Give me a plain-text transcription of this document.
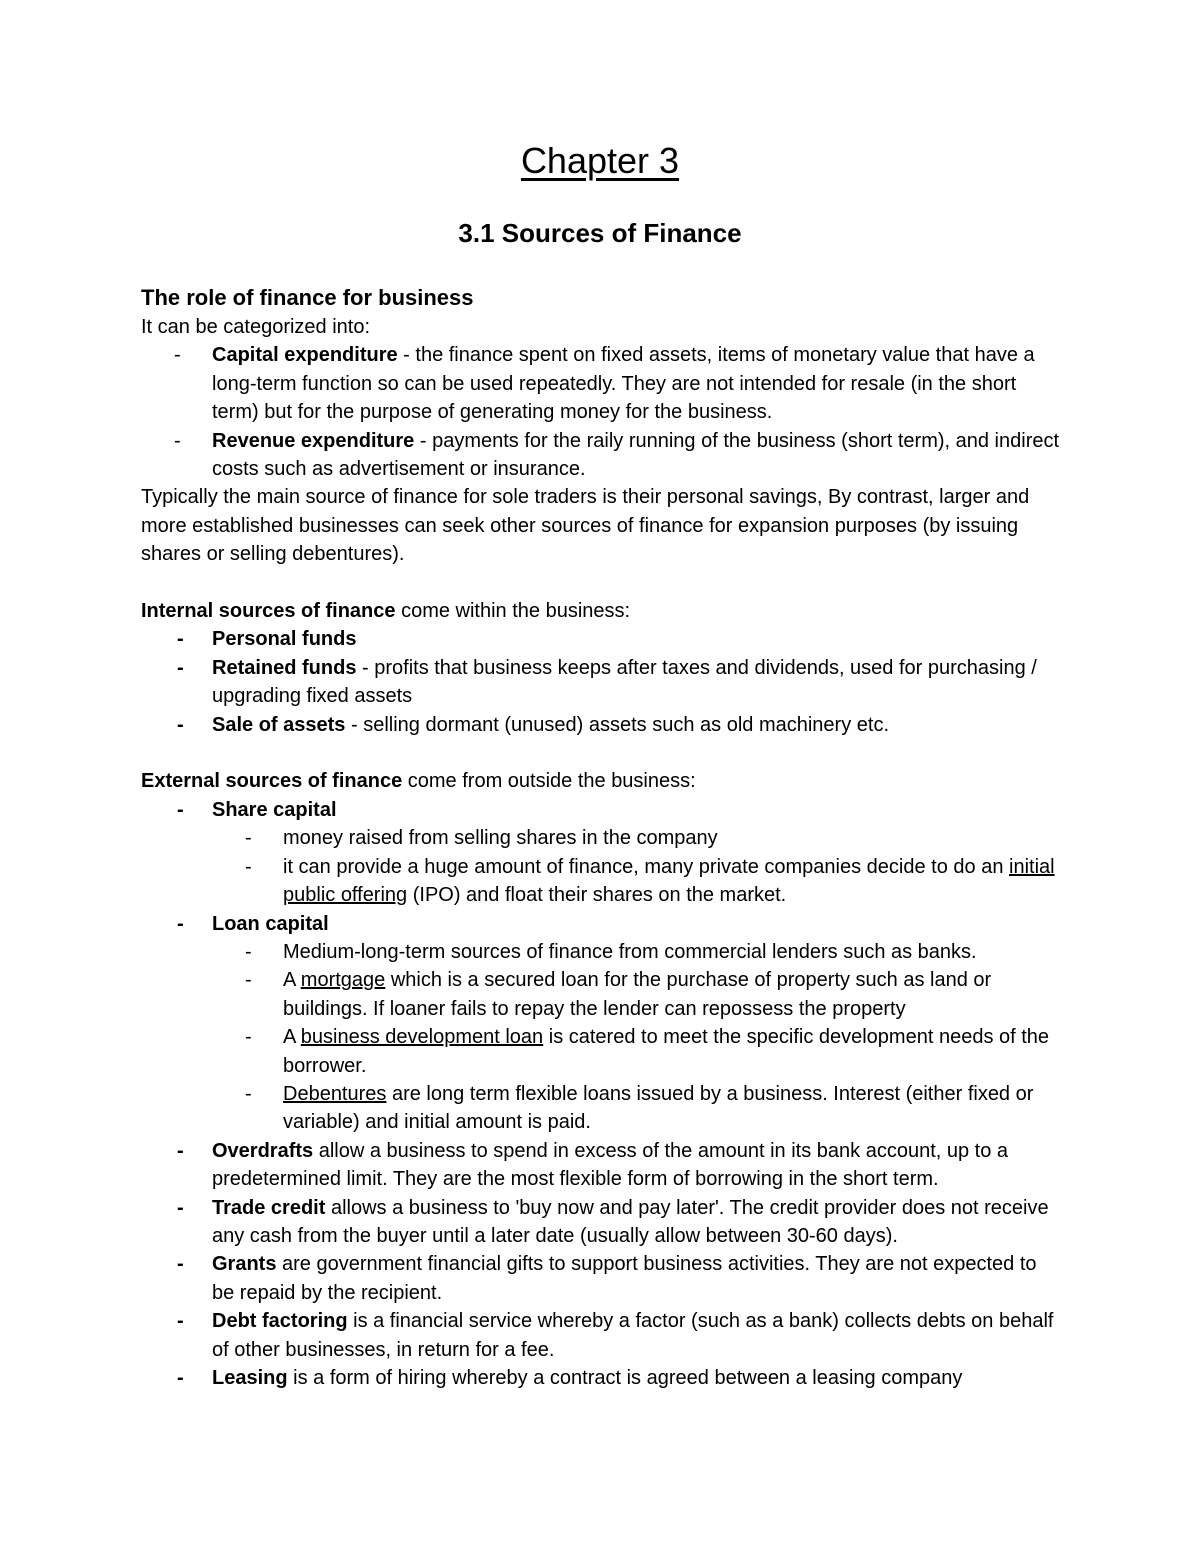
Chapter 3
3.1 Sources of Finance
The role of finance for business

It can be categorized into:

- Capital expenditure - the finance spent on fixed assets, items of monetary value that have a long-term function so can be used repeatedly. They are not intended for resale (in the short term) but for the purpose of generating money for the business.
- Revenue expenditure - payments for the raily running of the business (short term), and indirect costs such as advertisement or insurance.

Typically the main source of finance for sole traders is their personal savings, By contrast, larger and more established businesses can seek other sources of finance for expansion purposes (by issuing shares or selling debentures).

Internal sources of finance come within the business:

- Personal funds
- Retained funds - profits that business keeps after taxes and dividends, used for purchasing / upgrading fixed assets
- Sale of assets - selling dormant (unused) assets such as old machinery etc.

External sources of finance come from outside the business:

- Share capital
- money raised from selling shares in the company
- it can provide a huge amount of finance, many private companies decide to do an initial public offering (IPO) and float their shares on the market.
- Loan capital
- Medium-long-term sources of finance from commercial lenders such as banks.
- A mortgage which is a secured loan for the purchase of property such as land or buildings. If loaner fails to repay the lender can repossess the property
- A business development loan is catered to meet the specific development needs of the borrower.
- Debentures are long term flexible loans issued by a business. Interest (either fixed or variable) and initial amount is paid.
- Overdrafts allow a business to spend in excess of the amount in its bank account, up to a predetermined limit. They are the most flexible form of borrowing in the short term.
- Trade credit allows a business to 'buy now and pay later'. The credit provider does not receive any cash from the buyer until a later date (usually allow between 30-60 days).
- Grants are government financial gifts to support business activities. They are not expected to be repaid by the recipient.
- Debt factoring is a financial service whereby a factor (such as a bank) collects debts on behalf of other businesses, in return for a fee.
- Leasing is a form of hiring whereby a contract is agreed between a leasing company
